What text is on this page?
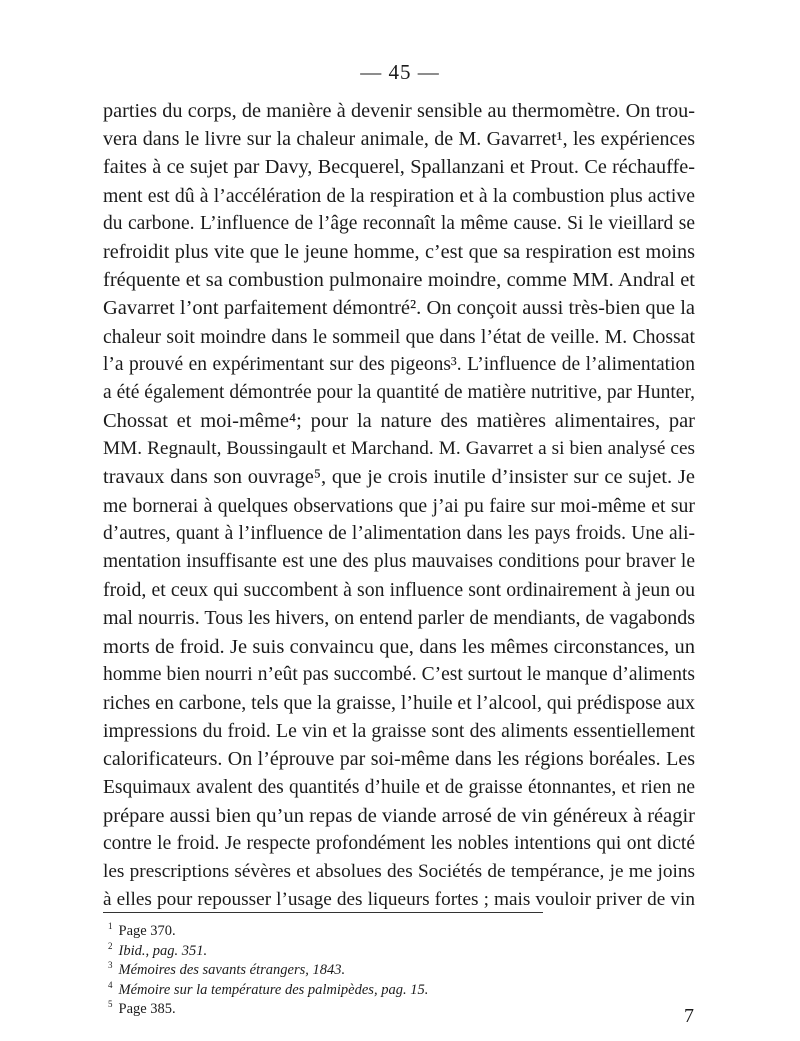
— 45 —
parties du corps, de manière à devenir sensible au thermomètre. On trou-
vera dans le livre sur la chaleur animale, de M. Gavarret¹, les expériences
faites à ce sujet par Davy, Becquerel, Spallanzani et Prout. Ce réchauffe-
ment est dû à l’accélération de la respiration et à la combustion plus active
du carbone. L’influence de l’âge reconnaît la même cause. Si le vieillard se
refroidit plus vite que le jeune homme, c’est que sa respiration est moins
fréquente et sa combustion pulmonaire moindre, comme MM. Andral et
Gavarret l’ont parfaitement démontré². On conçoit aussi très-bien que la
chaleur soit moindre dans le sommeil que dans l’état de veille. M. Chossat
l’a prouvé en expérimentant sur des pigeons³. L’influence de l’alimentation
a été également démontrée pour la quantité de matière nutritive, par Hunter,
Chossat et moi-même⁴; pour la nature des matières alimentaires, par
MM. Regnault, Boussingault et Marchand. M. Gavarret a si bien analysé ces
travaux dans son ouvrage⁵, que je crois inutile d’insister sur ce sujet. Je
me bornerai à quelques observations que j’ai pu faire sur moi-même et sur
d’autres, quant à l’influence de l’alimentation dans les pays froids. Une ali-
mentation insuffisante est une des plus mauvaises conditions pour braver le
froid, et ceux qui succombent à son influence sont ordinairement à jeun ou
mal nourris. Tous les hivers, on entend parler de mendiants, de vagabonds
morts de froid. Je suis convaincu que, dans les mêmes circonstances, un
homme bien nourri n’eût pas succombé. C’est surtout le manque d’aliments
riches en carbone, tels que la graisse, l’huile et l’alcool, qui prédispose aux
impressions du froid. Le vin et la graisse sont des aliments essentiellement
calorificateurs. On l’éprouve par soi-même dans les régions boréales. Les
Esquimaux avalent des quantités d’huile et de graisse étonnantes, et rien ne
prépare aussi bien qu’un repas de viande arrosé de vin généreux à réagir
contre le froid. Je respecte profondément les nobles intentions qui ont dicté
les prescriptions sévères et absolues des Sociétés de tempérance, je me joins
à elles pour repousser l’usage des liqueurs fortes ; mais vouloir priver de vin
$^1$ Page 370.
$^2$ Ibid., pag. 351.
$^3$ Mémoires des savants étrangers, 1843.
$^4$ Mémoire sur la température des palmipèdes, pag. 15.
$^5$ Page 385.	7
